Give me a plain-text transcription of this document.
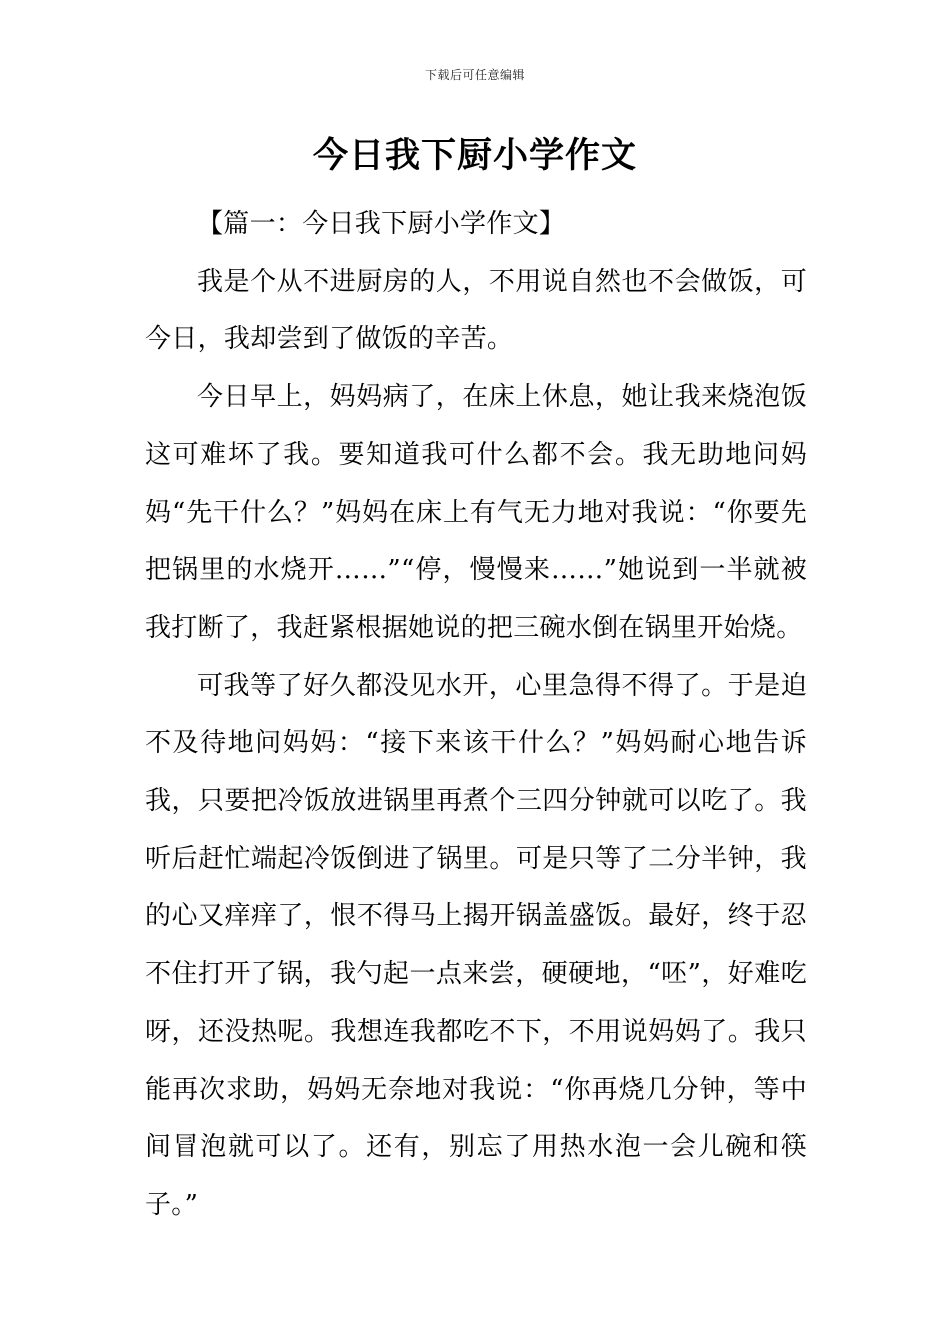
下载后可任意编辑
今日我下厨小学作文

【篇一：今日我下厨小学作文】

我是个从不进厨房的人，不用说自然也不会做饭，可今日，我却尝到了做饭的辛苦。

今日早上，妈妈病了，在床上休息，她让我来烧泡饭这可难坏了我。要知道我可什么都不会。我无助地问妈妈“先干什么？”妈妈在床上有气无力地对我说：“你要先把锅里的水烧开……”“停，慢慢来……”她说到一半就被我打断了，我赶紧根据她说的把三碗水倒在锅里开始烧。

可我等了好久都没见水开，心里急得不得了。于是迫不及待地问妈妈：“接下来该干什么？”妈妈耐心地告诉我，只要把冷饭放进锅里再煮个三四分钟就可以吃了。我听后赶忙端起冷饭倒进了锅里。可是只等了二分半钟，我的心又痒痒了，恨不得马上揭开锅盖盛饭。最好，终于忍不住打开了锅，我勺起一点来尝，硬硬地，“呸”，好难吃呀，还没热呢。我想连我都吃不下，不用说妈妈了。我只能再次求助，妈妈无奈地对我说：“你再烧几分钟，等中间冒泡就可以了。还有，别忘了用热水泡一会儿碗和筷子。”
